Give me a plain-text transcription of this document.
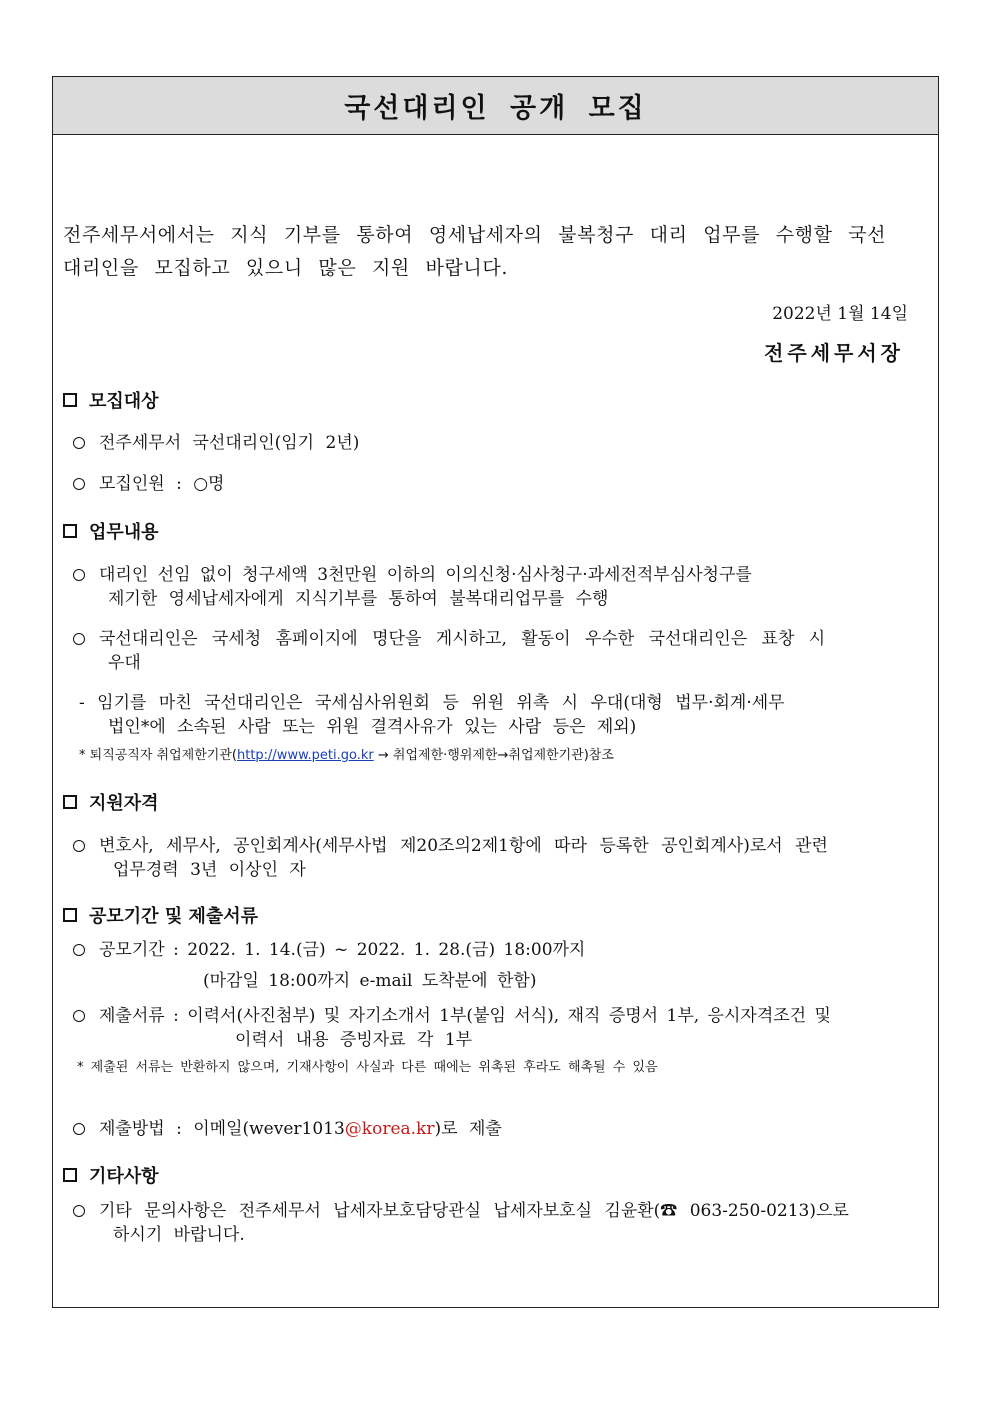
국선대리인 공개 모집
전주세무서에서는 지식 기부를 통하여 영세납세자의 불복청구 대리 업무를 수행할 국선
대리인을 모집하고 있으니 많은 지원 바랍니다.
2022년 1월 14일
전주세무서장
모집대상
전주세무서 국선대리인(임기 2년)
모집인원 : ○명
업무내용
대리인 선임 없이 청구세액 3천만원 이하의 이의신청·심사청구·과세전적부심사청구를
제기한 영세납세자에게 지식기부를 통하여 불복대리업무를 수행
국선대리인은 국세청 홈페이지에 명단을 게시하고, 활동이 우수한 국선대리인은 표창 시
우대
- 임기를 마친 국선대리인은 국세심사위원회 등 위원 위촉 시 우대(대형 법무·회계·세무
법인*에 소속된 사람 또는 위원 결격사유가 있는 사람 등은 제외)
* 퇴직공직자 취업제한기관(http://www.peti.go.kr → 취업제한·행위제한→취업제한기관)참조
지원자격
변호사, 세무사, 공인회계사(세무사법 제20조의2제1항에 따라 등록한 공인회계사)로서 관련
업무경력 3년 이상인 자
공모기간 및 제출서류
공모기간 : 2022. 1. 14.(금) ~ 2022. 1. 28.(금) 18:00까지
(마감일 18:00까지 e-mail 도착분에 한함)
제출서류 : 이력서(사진첨부) 및 자기소개서 1부(붙임 서식), 재직 증명서 1부, 응시자격조건 및
이력서 내용 증빙자료 각 1부
* 제출된 서류는 반환하지 않으며, 기재사항이 사실과 다른 때에는 위촉된 후라도 해촉될 수 있음
제출방법 : 이메일(wever1013@korea.kr)로 제출
기타사항
기타 문의사항은 전주세무서 납세자보호담당관실 납세자보호실 김윤환(☎ 063-250-0213)으로
하시기 바랍니다.
